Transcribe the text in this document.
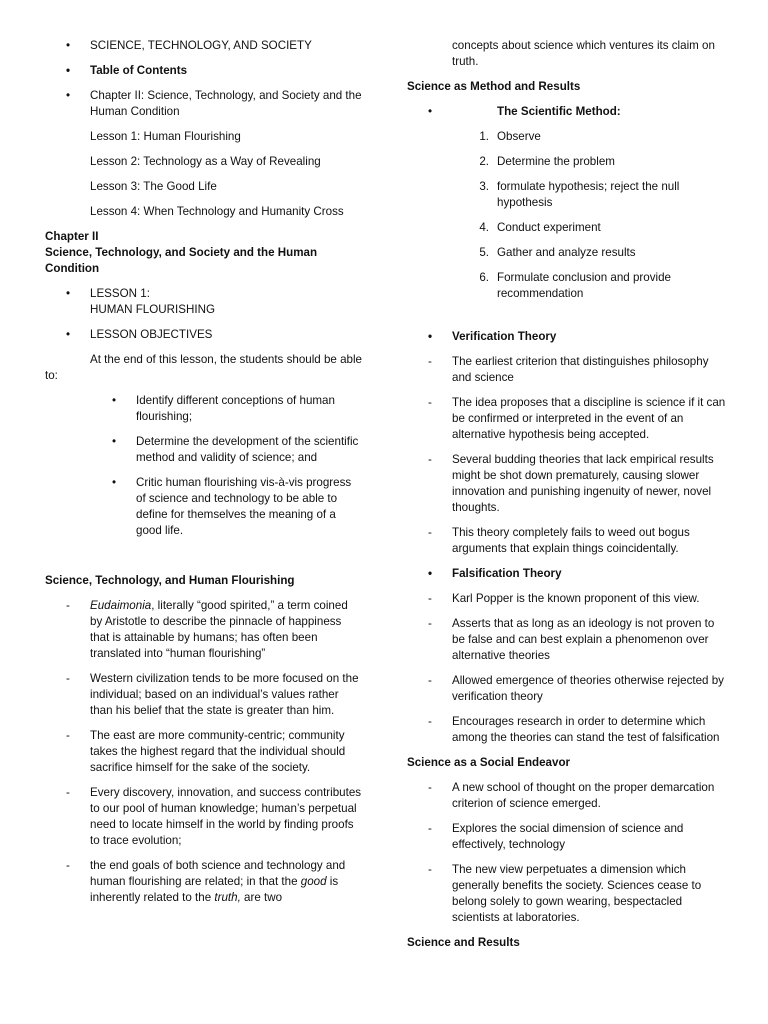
• SCIENCE, TECHNOLOGY, AND SOCIETY
• Table of Contents
• Chapter II: Science, Technology, and Society and the Human Condition
Lesson 1: Human Flourishing
Lesson 2: Technology as a Way of Revealing
Lesson 3: The Good Life
Lesson 4: When Technology and Humanity Cross
Chapter II
Science, Technology, and Society and the Human Condition
• LESSON 1:
HUMAN FLOURISHING
• LESSON OBJECTIVES
At the end of this lesson, the students should be able to:
• Identify different conceptions of human flourishing;
• Determine the development of the scientific method and validity of science; and
• Critic human flourishing vis-à-vis progress of science and technology to be able to define for themselves the meaning of a good life.
Science, Technology, and Human Flourishing
- Eudaimonia, literally “good spirited,” a term coined by Aristotle to describe the pinnacle of happiness that is attainable by humans; has often been translated into “human flourishing”
- Western civilization tends to be more focused on the individual; based on an individual’s values rather than his belief that the state is greater than him.
- The east are more community-centric; community takes the highest regard that the individual should sacrifice himself for the sake of the society.
- Every discovery, innovation, and success contributes to our pool of human knowledge; human’s perpetual need to locate himself in the world by finding proofs to trace evolution;
- the end goals of both science and technology and human flourishing are related; in that the good is inherently related to the truth, are two
concepts about science which ventures its claim on truth.
Science as Method and Results
•	The Scientific Method:
1. Observe
2. Determine the problem
3. formulate hypothesis; reject the null hypothesis
4. Conduct experiment
5. Gather and analyze results
6. Formulate conclusion and provide recommendation
• Verification Theory
- The earliest criterion that distinguishes philosophy and science
- The idea proposes that a discipline is science if it can be confirmed or interpreted in the event of an alternative hypothesis being accepted.
- Several budding theories that lack empirical results might be shot down prematurely, causing slower innovation and punishing ingenuity of newer, novel thoughts.
- This theory completely fails to weed out bogus arguments that explain things coincidentally.
• Falsification Theory
- Karl Popper is the known proponent of this view.
- Asserts that as long as an ideology is not proven to be false and can best explain a phenomenon over alternative theories
- Allowed emergence of theories otherwise rejected by verification theory
- Encourages research in order to determine which among the theories can stand the test of falsification
Science as a Social Endeavor
- A new school of thought on the proper demarcation criterion of science emerged.
- Explores the social dimension of science and effectively, technology
- The new view perpetuates a dimension which generally benefits the society. Sciences cease to belong solely to gown wearing, bespectacled scientists at laboratories.
Science and Results
